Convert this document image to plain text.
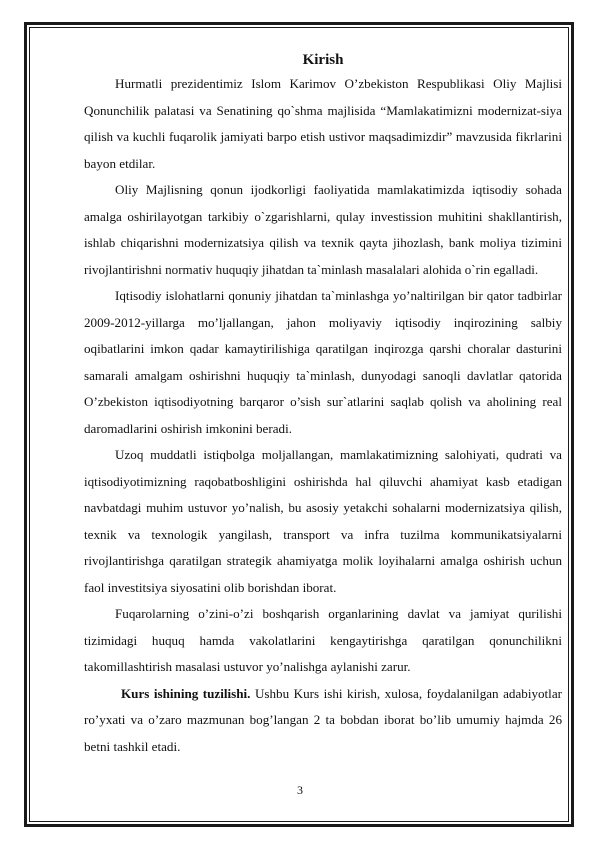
Kirish

Hurmatli prezidentimiz Islom Karimov O’zbekiston Respublikasi Oliy Majlisi Qonunchilik palatasi va Senatining qo`shma majlisida “Mamlakatimizni modernizat-siya qilish va kuchli fuqarolik jamiyati barpo etish ustivor maqsadimizdir” mavzusida fikrlarini bayon etdilar.

Oliy Majlisning qonun ijodkorligi faoliyatida mamlakatimizda iqtisodiy sohada amalga oshirilayotgan tarkibiy o`zgarishlarni, qulay investission muhitini shakllantirish, ishlab chiqarishni modernizatsiya qilish va texnik qayta jihozlash, bank moliya tizimini rivojlantirishni normativ huquqiy jihatdan ta`minlash masalalari alohida o`rin egalladi.

Iqtisodiy islohatlarni qonuniy jihatdan ta`minlashga yo’naltirilgan bir qator tadbirlar 2009-2012-yillarga mo’ljallangan, jahon moliyaviy iqtisodiy inqirozining salbiy oqibatlarini imkon qadar kamaytirilishiga qaratilgan inqirozga qarshi choralar dasturini samarali amalgam oshirishni huquqiy ta`minlash, dunyodagi sanoqli davlatlar qatorida O’zbekiston iqtisodiyotning barqaror o’sish sur`atlarini saqlab qolish va aholining real daromadlarini oshirish imkonini beradi.

Uzoq muddatli istiqbolga moljallangan, mamlakatimizning salohiyati, qudrati va iqtisodiyotimizning raqobatboshligini oshirishda hal qiluvchi ahamiyat kasb etadigan navbatdagi muhim ustuvor yo’nalish, bu asosiy yetakchi sohalarni modernizatsiya qilish, texnik va texnologik yangilash, transport va infra tuzilma kommunikatsiyalarni rivojlantirishga qaratilgan strategik ahamiyatga molik loyihalarni amalga oshirish uchun faol investitsiya siyosatini olib borishdan iborat.

Fuqarolarning o’zini-o’zi boshqarish organlarining davlat va jamiyat qurilishi tizimidagi huquq hamda vakolatlarini kengaytirishga qaratilgan qonunchilikni takomillashtirish masalasi ustuvor yo’nalishga aylanishi zarur.

Kurs ishining tuzilishi. Ushbu Kurs ishi kirish, xulosa, foydalanilgan adabiyotlar ro’yxati va o’zaro mazmunan bog’langan 2 ta bobdan iborat bo’lib umumiy hajmda 26 betni tashkil etadi.

3
